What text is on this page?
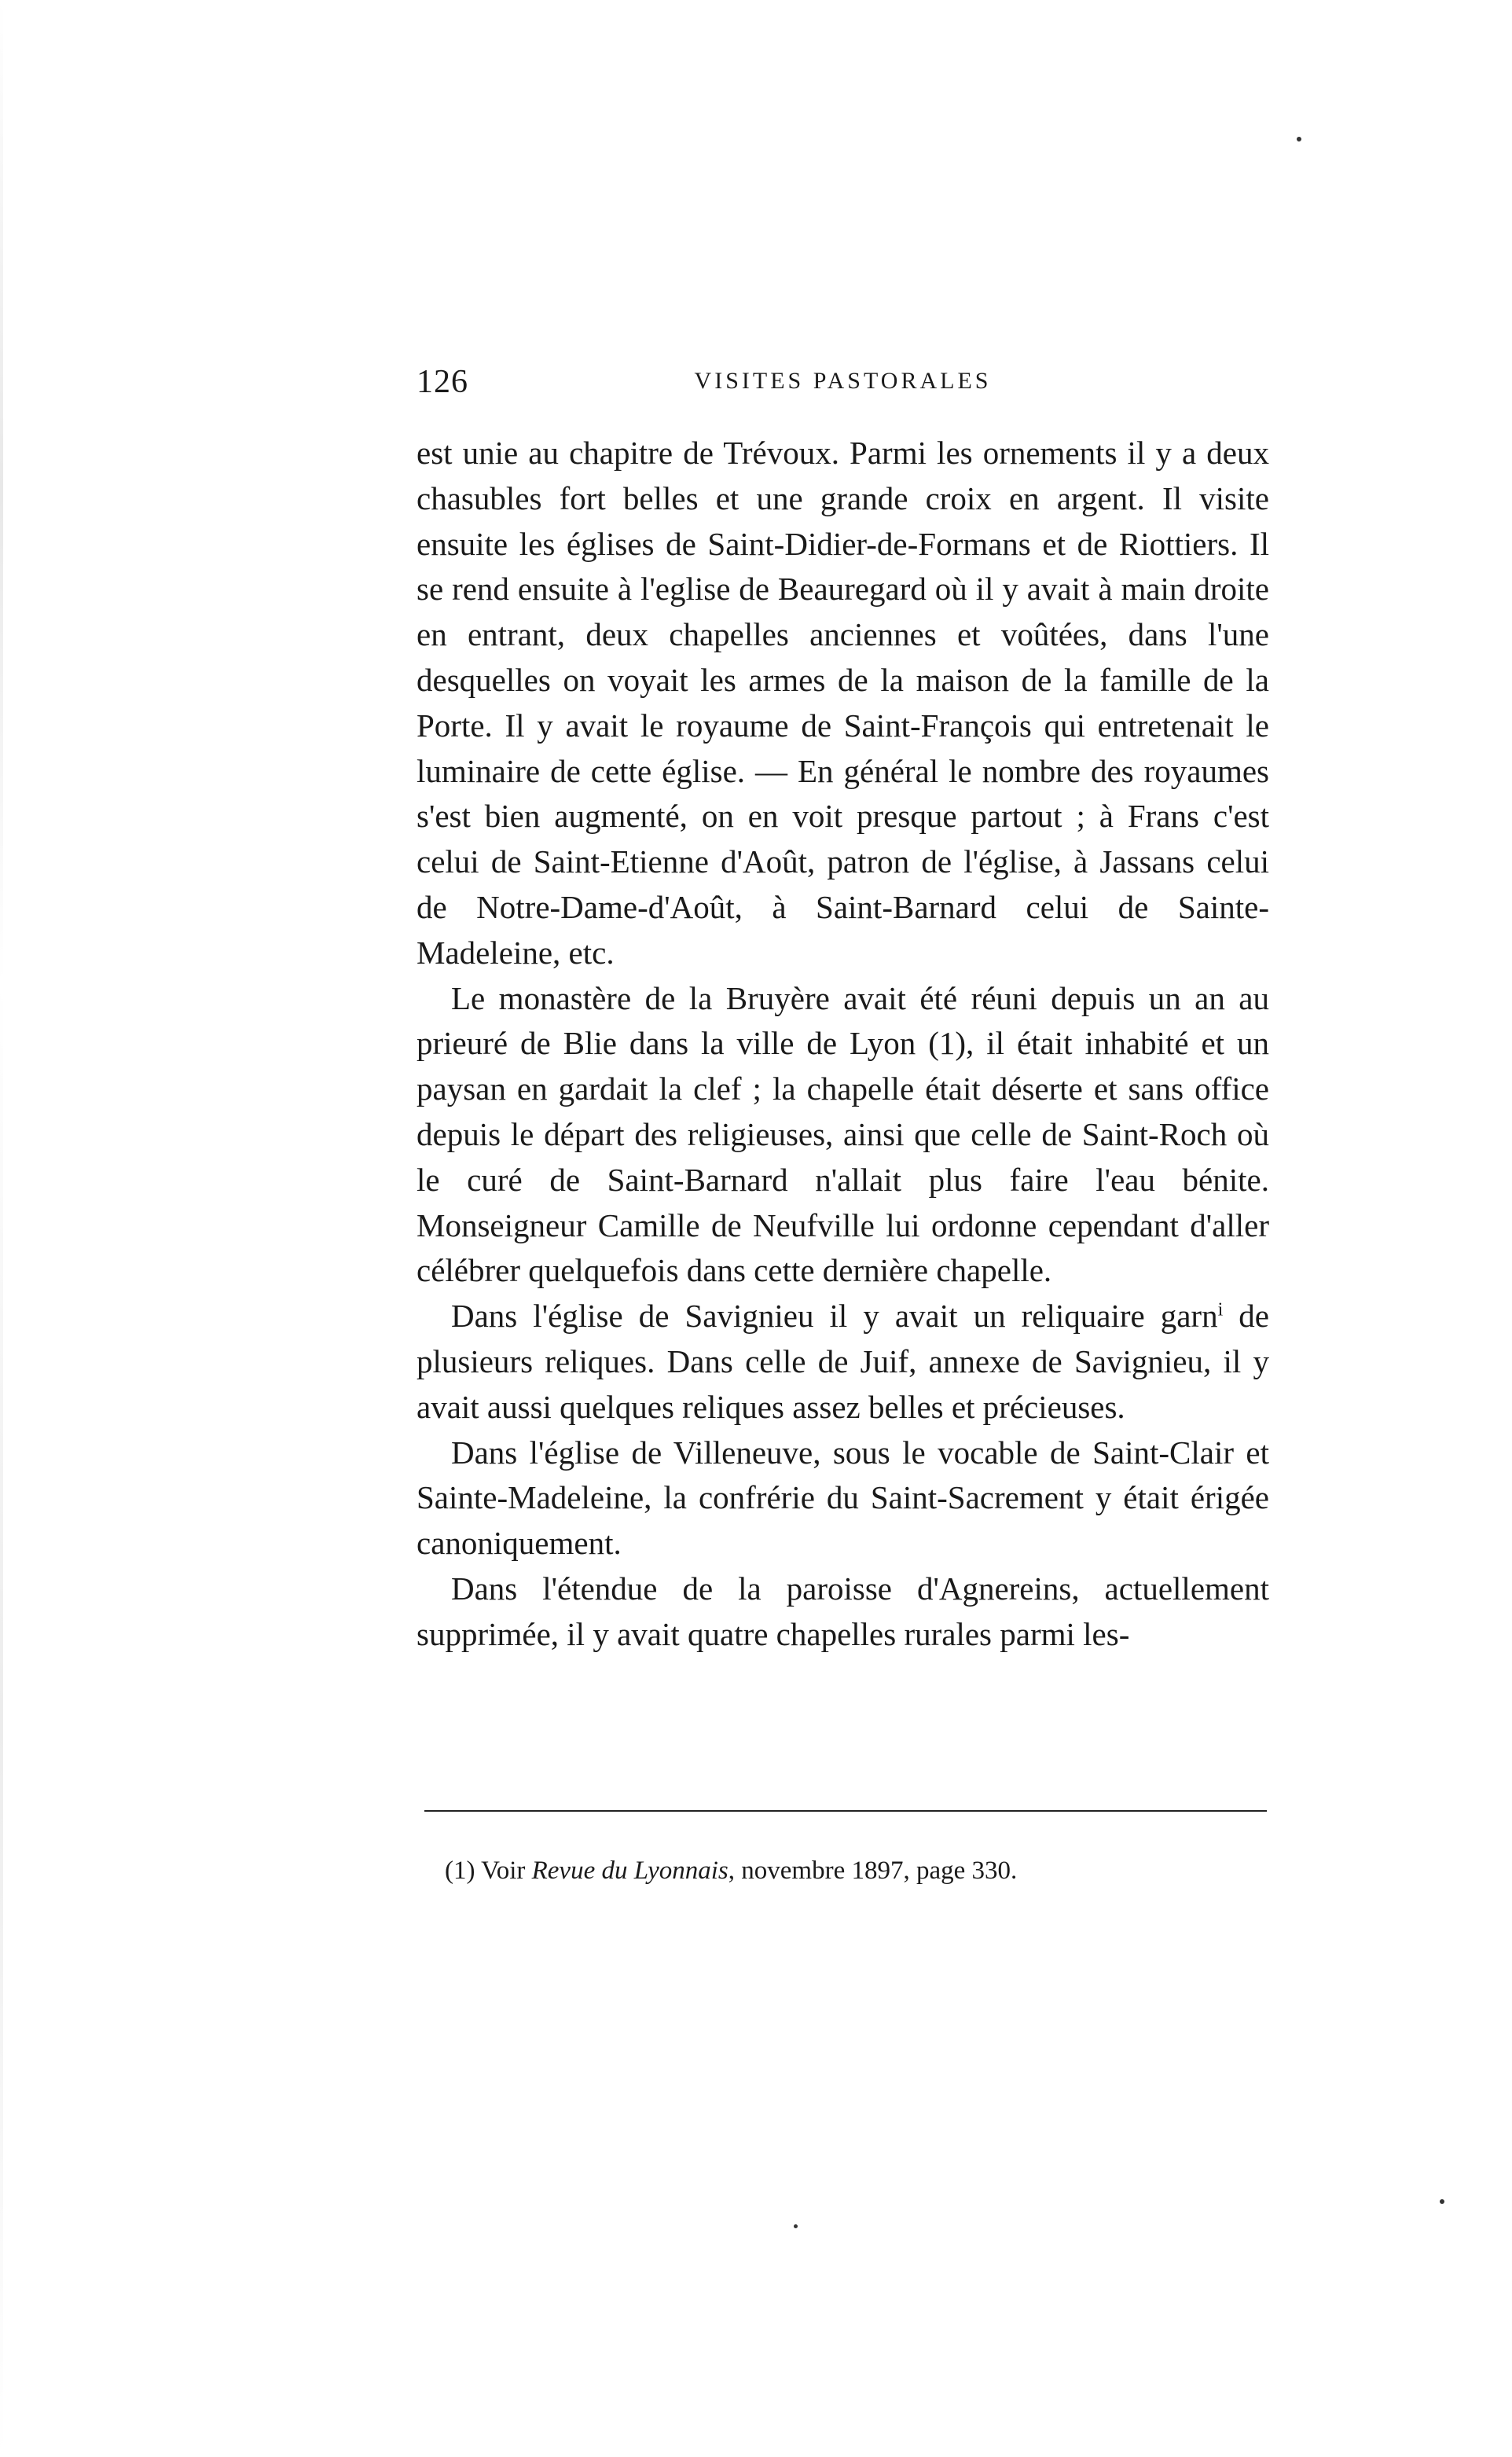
126	VISITES PASTORALES

est unie au chapitre de Trévoux. Parmi les ornements il y a deux chasubles fort belles et une grande croix en argent. Il visite ensuite les églises de Saint-Didier-de-Formans et de Riottiers. Il se rend ensuite à l'eglise de Beauregard où il y avait à main droite en entrant, deux chapelles anciennes et voûtées, dans l'une desquelles on voyait les armes de la maison de la famille de la Porte. Il y avait le royaume de Saint-François qui entretenait le luminaire de cette église. — En général le nombre des royaumes s'est bien augmenté, on en voit presque partout ; à Frans c'est celui de Saint-Etienne d'Août, patron de l'église, à Jassans celui de Notre-Dame-d'Août, à Saint-Barnard celui de Sainte-Madeleine, etc.

Le monastère de la Bruyère avait été réuni depuis un an au prieuré de Blie dans la ville de Lyon (1), il était inhabité et un paysan en gardait la clef ; la chapelle était déserte et sans office depuis le départ des religieuses, ainsi que celle de Saint-Roch où le curé de Saint-Barnard n'allait plus faire l'eau bénite. Monseigneur Camille de Neufville lui ordonne cependant d'aller célébrer quelquefois dans cette dernière chapelle.

Dans l'église de Savignieu il y avait un reliquaire garn$^i$ de plusieurs reliques. Dans celle de Juif, annexe de Savignieu, il y avait aussi quelques reliques assez belles et précieuses.

Dans l'église de Villeneuve, sous le vocable de Saint-Clair et Sainte-Madeleine, la confrérie du Saint-Sacrement y était érigée canoniquement.

Dans l'étendue de la paroisse d'Agnereins, actuellement supprimée, il y avait quatre chapelles rurales parmi les-

(1) Voir Revue du Lyonnais, novembre 1897, page 330.
